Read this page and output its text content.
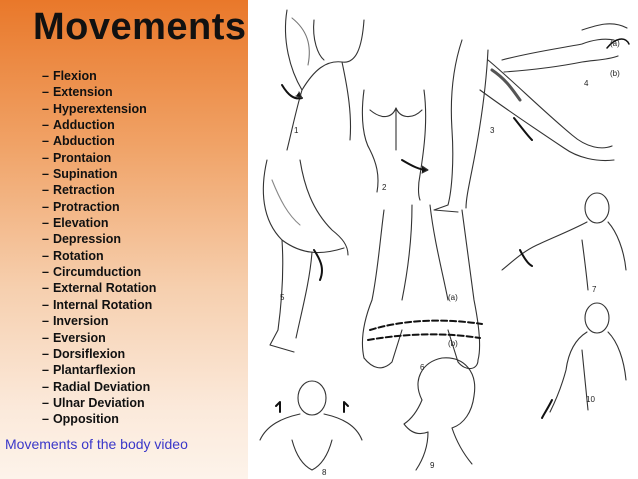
Movements
– Flexion
– Extension
– Hyperextension
– Adduction
– Abduction
– Prontaion
– Supination
– Retraction
– Protraction
– Elevation
– Depression
– Rotation
– Circumduction
– External Rotation
– Internal Rotation
– Inversion
– Eversion
– Dorsiflexion
– Plantarflexion
– Radial Deviation
– Ulnar Deviation
– Opposition
Movements of the body video
1
2
3
4
5
6
7
8
9
10
(a)
(b)
(a)
(b)
